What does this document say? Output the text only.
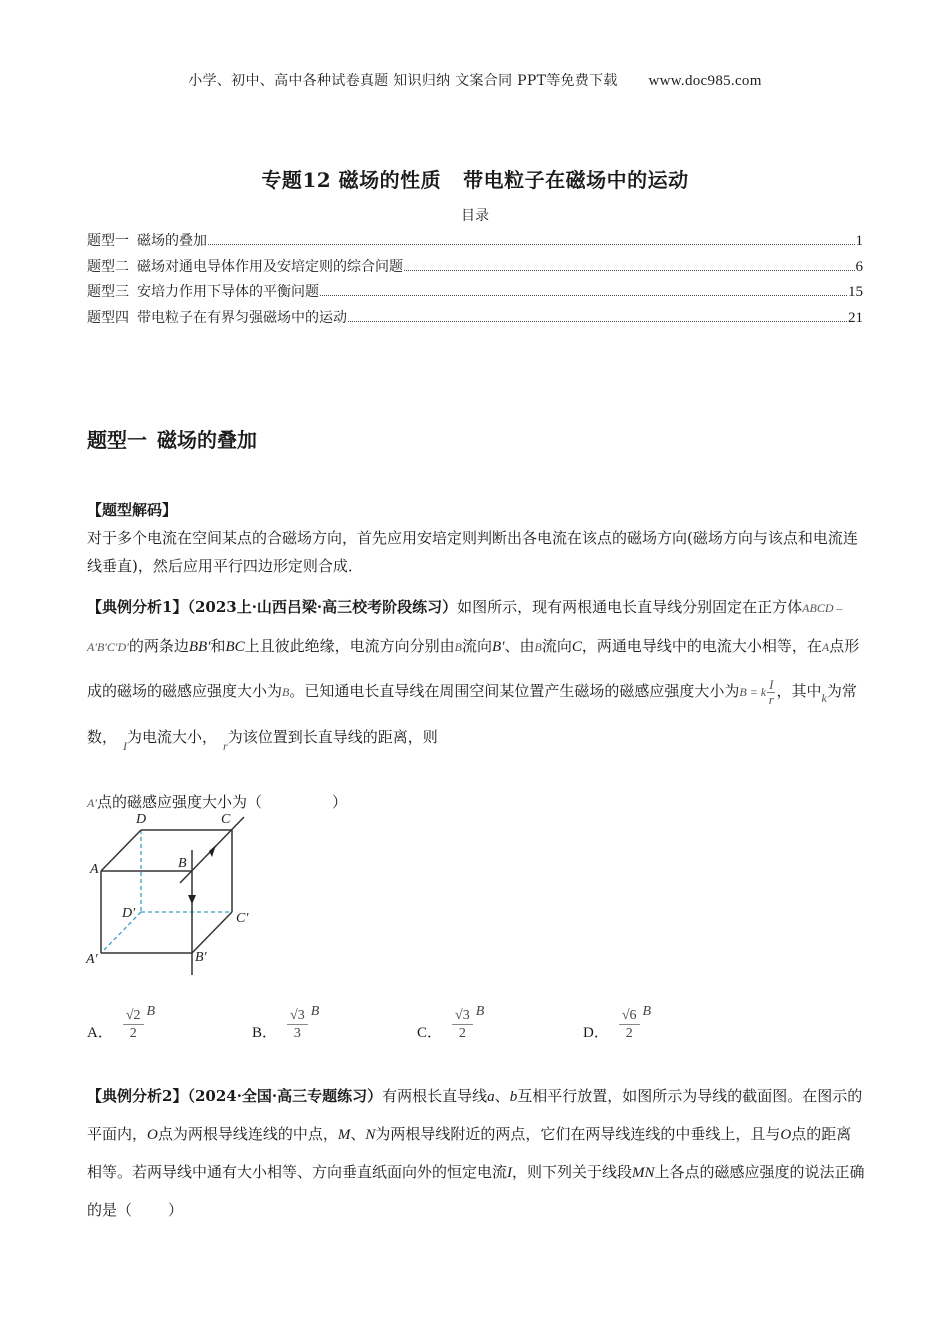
小学、初中、高中各种试卷真题 知识归纳 文案合同 PPT等免费下载 www.doc985.com
专题12 磁场的性质 带电粒子在磁场中的运动
目录
题型一 磁场的叠加	1
题型二 磁场对通电导体作用及安培定则的综合问题	6
题型三 安培力作用下导体的平衡问题	15
题型四 带电粒子在有界匀强磁场中的运动	21
题型一 磁场的叠加
【题型解码】
对于多个电流在空间某点的合磁场方向，首先应用安培定则判断出各电流在该点的磁场方向(磁场方向与该点和电流连线垂直)，然后应用平行四边形定则合成．
【典例分析1】（2023上·山西吕梁·高三校考阶段练习）如图所示，现有两根通电长直导线分别固定在正方体ABCD – A′B′C′D′的两条边BB′和BC上且彼此绝缘，电流方向分别由B流向B′、由B流向C，两通电导线中的电流大小相等，在A点形成的磁场的磁感应强度大小为B。已知通电长直导线在周围空间某位置产生磁场的磁感应强度大小为B = k $\frac{I}{r}$ ，其中$_k$为常数， $_I$为电流大小， $_r$为该位置到长直导线的距离，则
A′点的磁感应强度大小为（	）
D	C
A	B
D′	C′
A′	B′
A． $\frac{√2}{2}$ B
B． $\frac{√3}{3}$ B
C． $\frac{√3}{2}$ B
D． $\frac{√6}{2}$ B
【典例分析2】（2024·全国·高三专题练习）有两根长直导线a、b互相平行放置，如图所示为导线的截面图。在图示的平面内，O点为两根导线连线的中点，M、N为两根导线附近的两点，它们在两导线连线的中垂线上，且与O点的距离相等。若两导线中通有大小相等、方向垂直纸面向外的恒定电流I，则下列关于线段MN上各点的磁感应强度的说法正确的是（ ）
